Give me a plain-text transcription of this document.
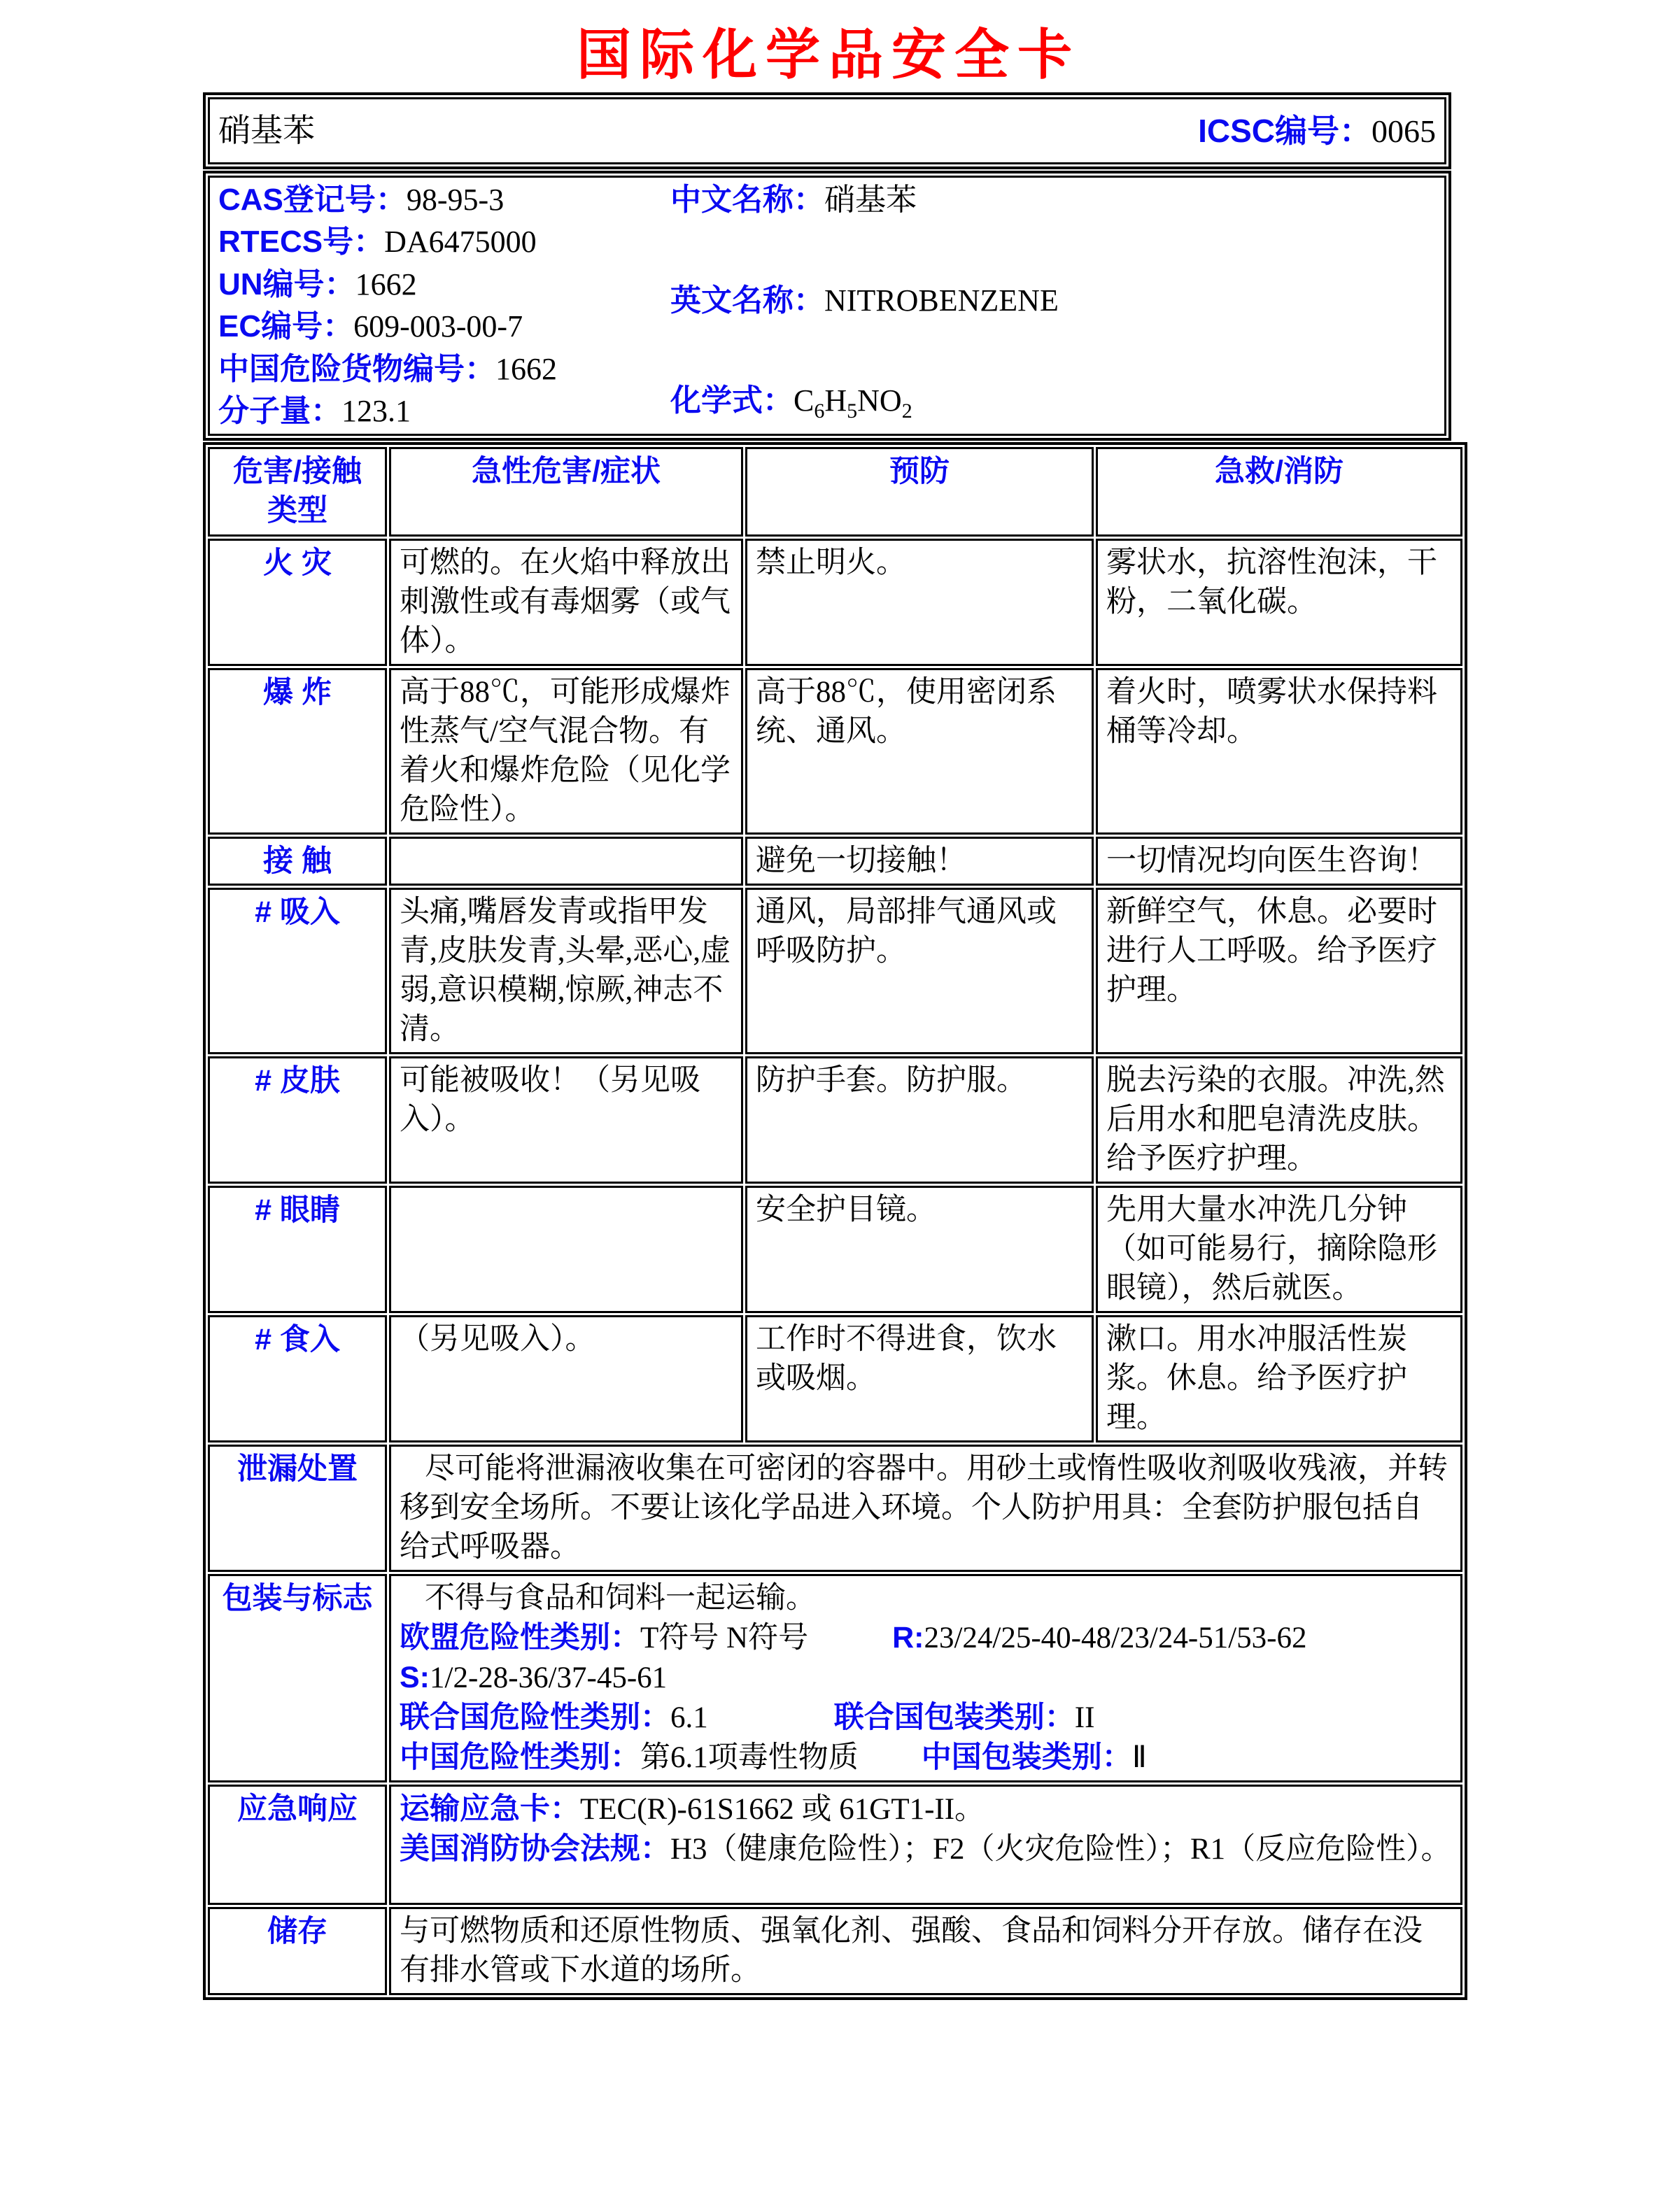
国际化学品安全卡
硝基苯	ICSC编号：0065
CAS登记号：98-95-3
RTECS号：DA6475000
UN编号：1662
EC编号：609-003-00-7
中国危险货物编号：1662
分子量：123.1
中文名称：硝基苯
英文名称：NITROBENZENE
化学式：$C_6H_5NO_2$
危害/接触
类型	急性危害/症状	预防	急救/消防
火 灾	可燃的。在火焰中释放出刺激性或有毒烟雾（或气体）。	禁止明火。	雾状水，抗溶性泡沫，干粉，二氧化碳。
爆 炸	高于88℃，可能形成爆炸性蒸气/空气混合物。有着火和爆炸危险（见化学危险性）。	高于88℃，使用密闭系统、通风。	着火时，喷雾状水保持料桶等冷却。
接 触		避免一切接触！	一切情况均向医生咨询！
# 吸入	头痛,嘴唇发青或指甲发青,皮肤发青,头晕,恶心,虚弱,意识模糊,惊厥,神志不清。	通风，局部排气通风或呼吸防护。	新鲜空气，休息。必要时进行人工呼吸。给予医疗护理。
# 皮肤	可能被吸收！（另见吸入）。	防护手套。防护服。	脱去污染的衣服。冲洗,然后用水和肥皂清洗皮肤。给予医疗护理。
# 眼睛		安全护目镜。	先用大量水冲洗几分钟（如可能易行，摘除隐形眼镜），然后就医。
# 食入	（另见吸入）。	工作时不得进食，饮水或吸烟。	漱口。用水冲服活性炭浆。休息。给予医疗护理。
泄漏处置	尽可能将泄漏液收集在可密闭的容器中。用砂土或惰性吸收剂吸收残液，并转移到安全场所。不要让该化学品进入环境。个人防护用具：全套防护服包括自给式呼吸器。		

包装与标志	不得与食品和饲料一起运输。
欧盟危险性类别：T符号 N符号 R:23/24/25-40-48/23/24-51/53-62
S:1/2-28-36/37-45-61
联合国危险性类别：6.1 联合国包装类别：II
中国危险性类别：第6.1项毒性物质 中国包装类别：Ⅱ		

应急响应	运输应急卡：TEC(R)-61S1662 或 61GT1-II。
美国消防协会法规：H3（健康危险性）；F2（火灾危险性）；R1（反应危险性）。		

储存	与可燃物质和还原性物质、强氧化剂、强酸、食品和饲料分开存放。储存在没有排水管或下水道的场所。		
